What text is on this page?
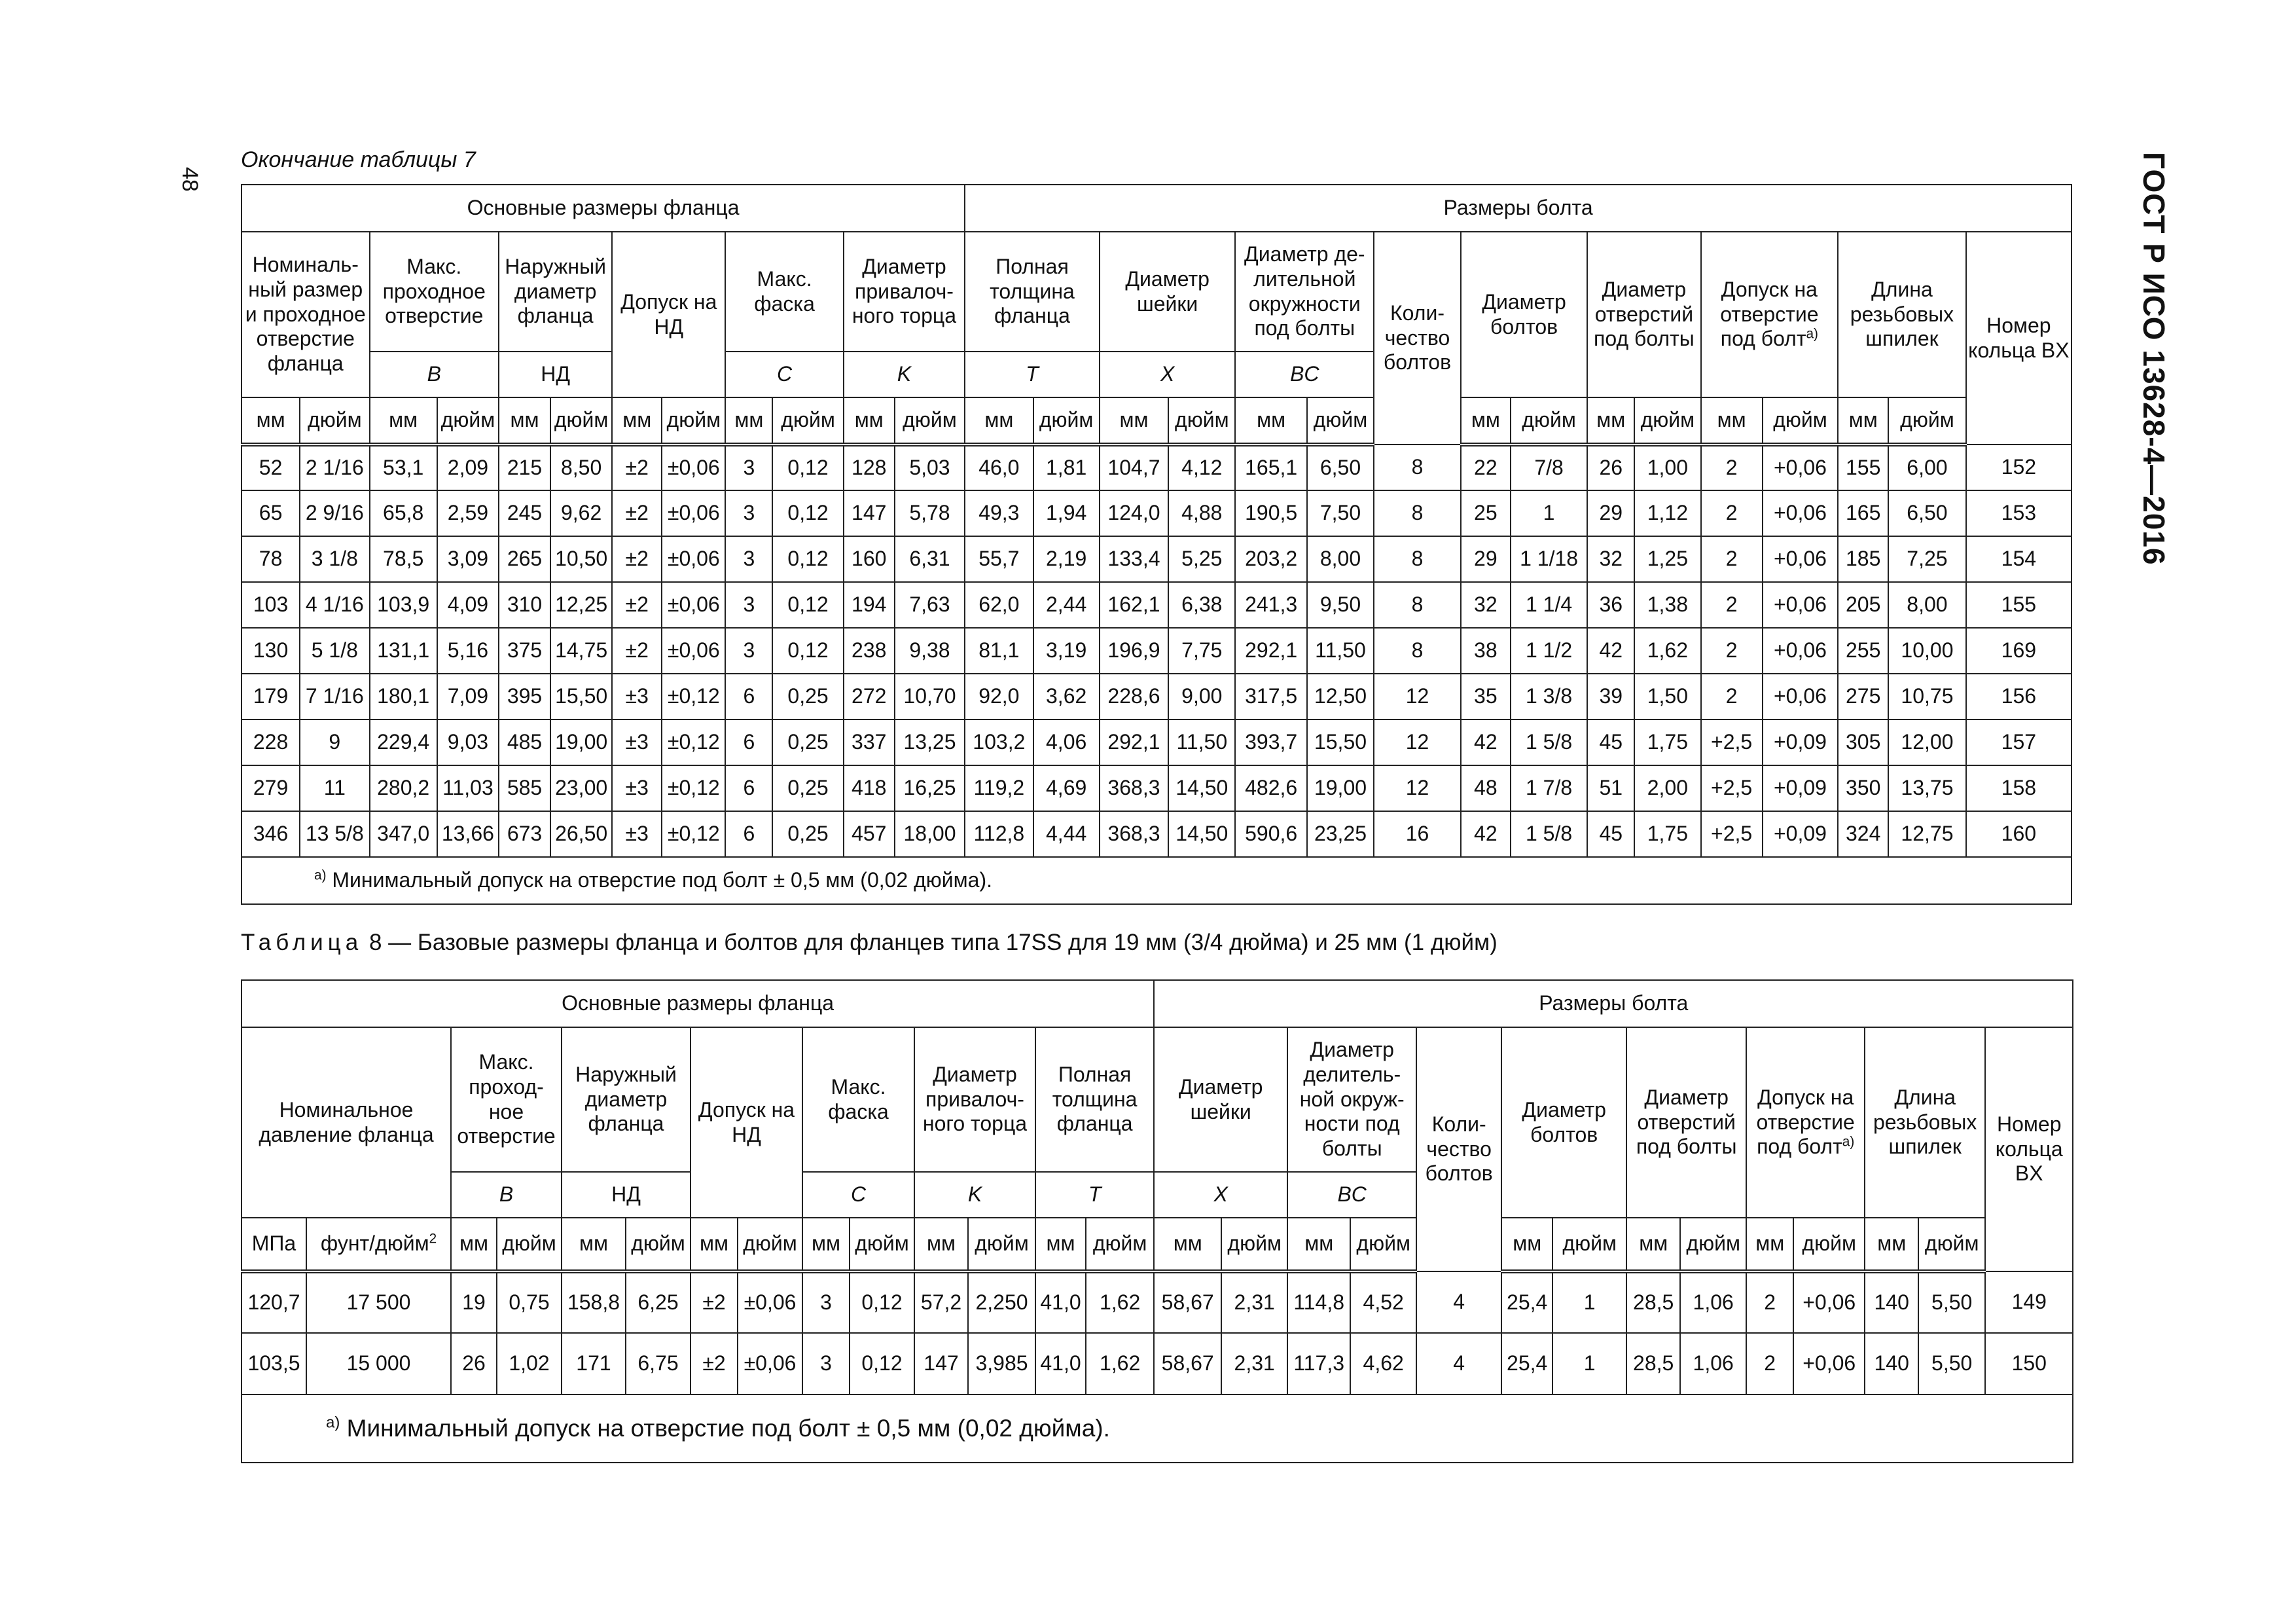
48	ГОСТ Р ИСО 13628-4—2016
Окончание таблицы 7
Основные размеры фланца												Размеры болта															
Номиналь-ный размер и проходное отверстие фланца		Макс. проходное отверстие		Наружный диаметр фланца		Допуск на НД		Макс. фаска		Диаметр привалоч-ного торца		Полная толщина фланца		Диаметр шейки		Диаметр де-лительной окружности под болты		Коли-чество болтов	Диаметр болтов		Диаметр отверстий под болты		Допуск на отверстие под болт$^{a)}$		Длина резьбовых шпилек		Номер кольца BX
		B		НД				C		K		T		X		BC											
мм	дюйм	мм	дюйм	мм	дюйм	мм	дюйм	мм	дюйм	мм	дюйм	мм	дюйм	мм	дюйм	мм	дюйм		мм	дюйм	мм	дюйм	мм	дюйм	мм	дюйм	
52	2 1/16	53,1	2,09	215	8,50	±2	±0,06	3	0,12	128	5,03	46,0	1,81	104,7	4,12	165,1	6,50	8	22	7/8	26	1,00	2	+0,06	155	6,00	152
65	2 9/16	65,8	2,59	245	9,62	±2	±0,06	3	0,12	147	5,78	49,3	1,94	124,0	4,88	190,5	7,50	8	25	1	29	1,12	2	+0,06	165	6,50	153
78	3 1/8	78,5	3,09	265	10,50	±2	±0,06	3	0,12	160	6,31	55,7	2,19	133,4	5,25	203,2	8,00	8	29	1 1/18	32	1,25	2	+0,06	185	7,25	154
103	4 1/16	103,9	4,09	310	12,25	±2	±0,06	3	0,12	194	7,63	62,0	2,44	162,1	6,38	241,3	9,50	8	32	1 1/4	36	1,38	2	+0,06	205	8,00	155
130	5 1/8	131,1	5,16	375	14,75	±2	±0,06	3	0,12	238	9,38	81,1	3,19	196,9	7,75	292,1	11,50	8	38	1 1/2	42	1,62	2	+0,06	255	10,00	169
179	7 1/16	180,1	7,09	395	15,50	±3	±0,12	6	0,25	272	10,70	92,0	3,62	228,6	9,00	317,5	12,50	12	35	1 3/8	39	1,50	2	+0,06	275	10,75	156
228	9	229,4	9,03	485	19,00	±3	±0,12	6	0,25	337	13,25	103,2	4,06	292,1	11,50	393,7	15,50	12	42	1 5/8	45	1,75	+2,5	+0,09	305	12,00	157
279	11	280,2	11,03	585	23,00	±3	±0,12	6	0,25	418	16,25	119,2	4,69	368,3	14,50	482,6	19,00	12	48	1 7/8	51	2,00	+2,5	+0,09	350	13,75	158
346	13 5/8	347,0	13,66	673	26,50	±3	±0,12	6	0,25	457	18,00	112,8	4,44	368,3	14,50	590,6	23,25	16	42	1 5/8	45	1,75	+2,5	+0,09	324	12,75	160
$^{a)}$ Минимальный допуск на отверстие под болт ± 0,5 мм (0,02 дюйма).																											
Таблица 8 — Базовые размеры фланца и болтов для фланцев типа 17SS для 19 мм (3/4 дюйма) и 25 мм (1 дюйм)
Основные размеры фланца														Размеры болта													
Номинальное давление фланца		Макс. проход-ное отверстие		Наружный диаметр фланца		Допуск на НД		Макс. фаска		Диаметр привалоч-ного торца		Полная толщина фланца		Диаметр шейки		Диаметр делитель-ной окруж-ности под болты		Коли-чество болтов	Диаметр болтов		Диаметр отверстий под болты		Допуск на отверстие под болт$^{a)}$		Длина резьбовых шпилек		Номер кольца BX
		B		НД				C		K		T		X		BC											
МПа	фунт/дюйм$^2$	мм	дюйм	мм	дюйм	мм	дюйм	мм	дюйм	мм	дюйм	мм	дюйм	мм	дюйм	мм	дюйм		мм	дюйм	мм	дюйм	мм	дюйм	мм	дюйм	
120,7	17 500	19	0,75	158,8	6,25	±2	±0,06	3	0,12	57,2	2,250	41,0	1,62	58,67	2,31	114,8	4,52	4	25,4	1	28,5	1,06	2	+0,06	140	5,50	149
103,5	15 000	26	1,02	171	6,75	±2	±0,06	3	0,12	147	3,985	41,0	1,62	58,67	2,31	117,3	4,62	4	25,4	1	28,5	1,06	2	+0,06	140	5,50	150
$^{a)}$ Минимальный допуск на отверстие под болт ± 0,5 мм (0,02 дюйма).																											
